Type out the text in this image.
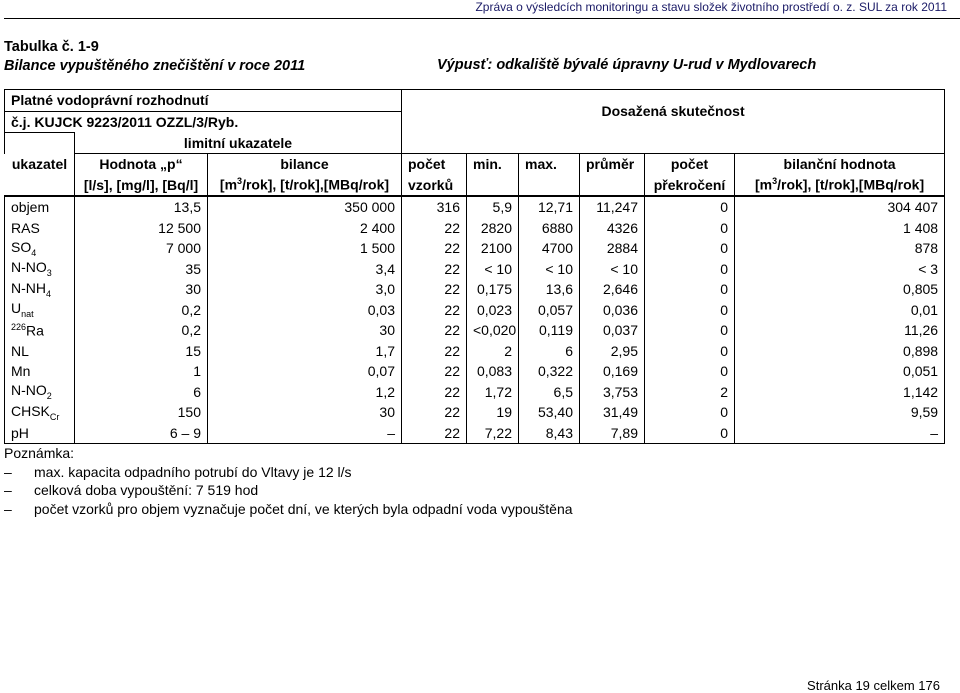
Zpráva o výsledcích monitoringu a stavu složek životního prostředí o. z. SUL za rok 2011
Tabulka č. 1-9
Bilance vypuštěného znečištění v roce 2011	Výpusť: odkaliště bývalé úpravny U-rud v Mydlovarech
Platné vodoprávní rozhodnutí			Dosažená skutečnost					
č.j. KUJCK 9223/2011 OZZL/3/Ryb.								
ukazatel	limitní ukazatele							
	Hodnota „p“	bilance	počet	min.	max.	průměr	počet	bilanční hodnota
	[l/s], [mg/l], [Bq/l]	$[m^3/rok]$, [t/rok],[MBq/rok]	vzorků				překročení	$[m^3/rok]$, [t/rok],[MBq/rok]
objem	13,5	350 000	316	5,9	12,71	11,247	0	304 407
RAS	12 500	2 400	22	2820	6880	4326	0	1 408
$SO_4$	7 000	1 500	22	2100	4700	2884	0	878
$N-NO_3$	35	3,4	22	< 10	< 10	< 10	0	< 3
$N-NH_4$	30	3,0	22	0,175	13,6	2,646	0	0,805
$U_{nat}$	0,2	0,03	22	0,023	0,057	0,036	0	0,01
$^{226}$Ra	0,2	30	22	<0,020	0,119	0,037	0	11,26
NL	15	1,7	22	2	6	2,95	0	0,898
Mn	1	0,07	22	0,083	0,322	0,169	0	0,051
$N-NO_2$	6	1,2	22	1,72	6,5	3,753	2	1,142
$CHSK_{Cr}$	150	30	22	19	53,40	31,49	0	9,59
pH	6 – 9	–	22	7,22	8,43	7,89	0	–
Poznámka:
– max. kapacita odpadního potrubí do Vltavy je 12 l/s
– celková doba vypouštění: 7 519 hod
– počet vzorků pro objem vyznačuje počet dní, ve kterých byla odpadní voda vypouštěna
Stránka 19 celkem 176
